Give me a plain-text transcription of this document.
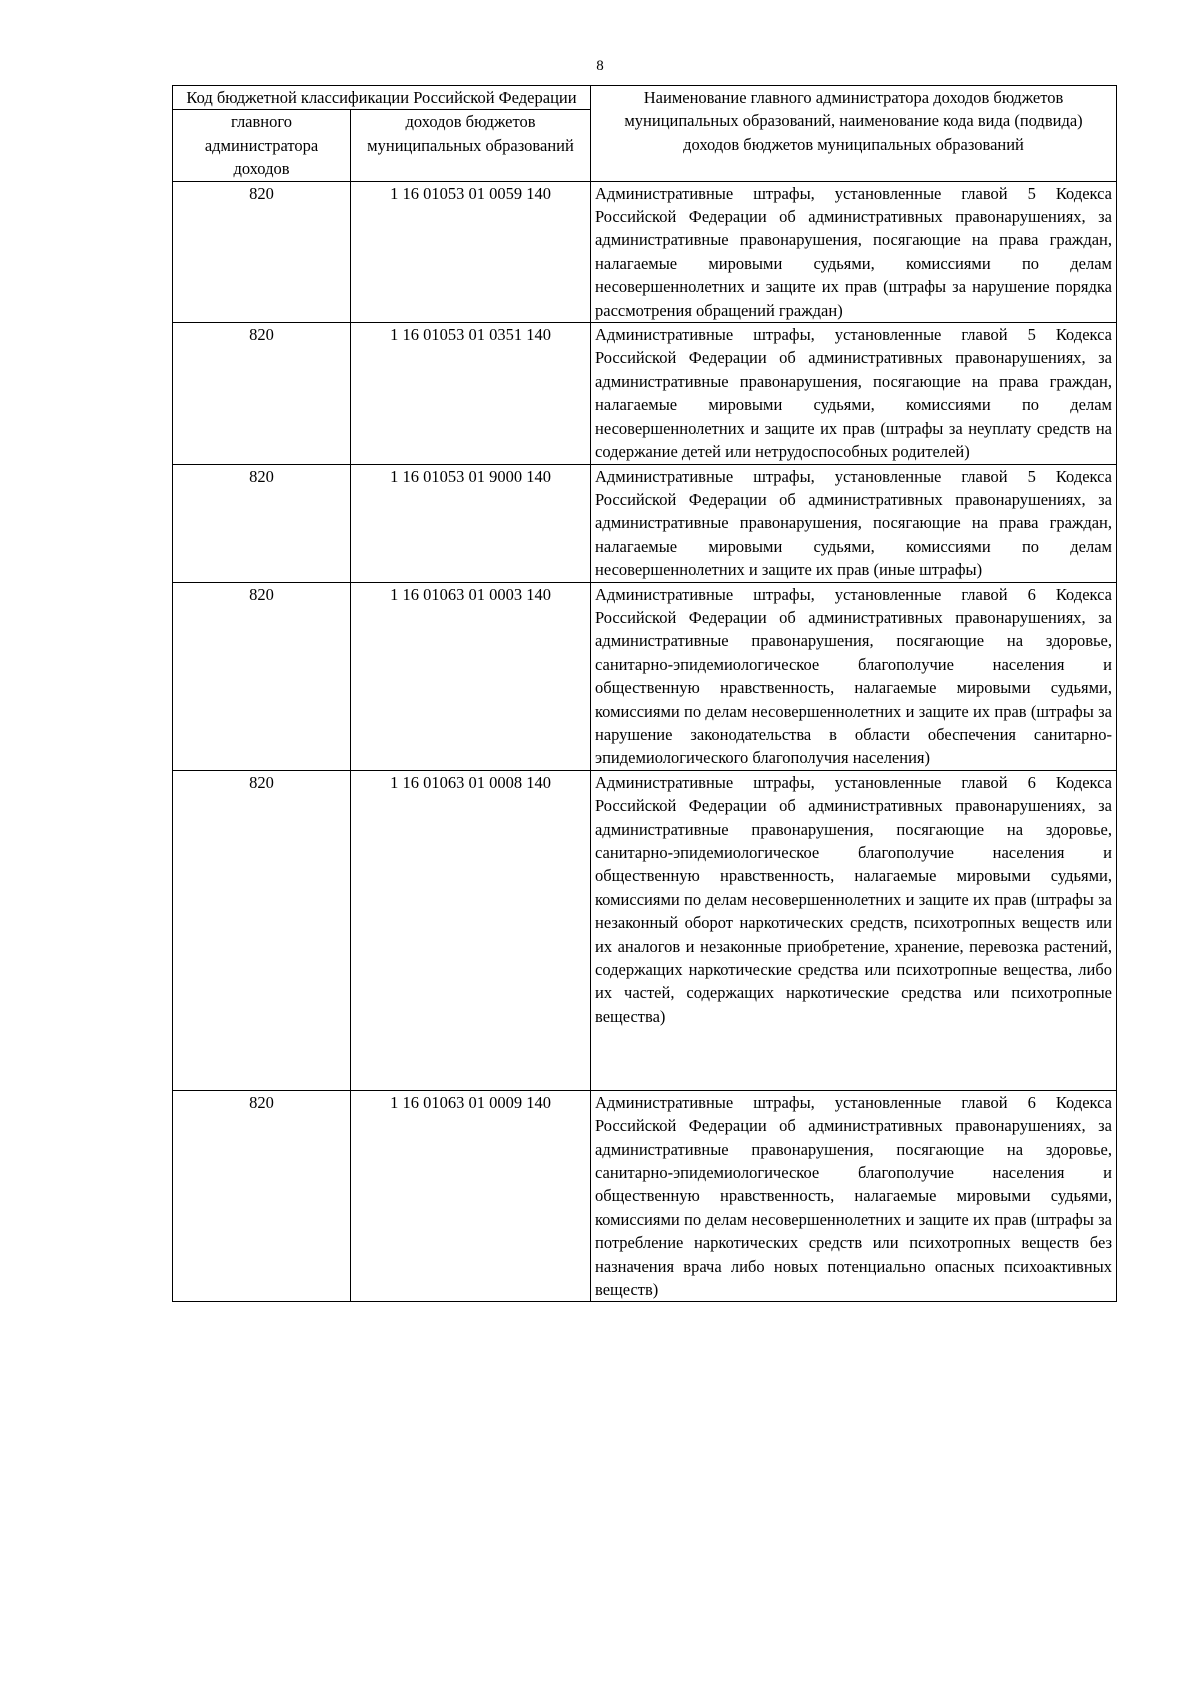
8
Код бюджетной классификации Российской Федерации		Наименование главного администратора доходов бюджетов муниципальных образований, наименование кода вида (подвида) доходов бюджетов муниципальных образований
главного администратора доходов	доходов бюджетов муниципальных образований	
820	1 16 01053 01 0059 140	Административные штрафы, установленные главой 5 Кодекса Российской Федерации об административных правонарушениях, за административные правонарушения, посягающие на права граждан, налагаемые мировыми судьями, комиссиями по делам несовершеннолетних и защите их прав (штрафы за нарушение порядка рассмотрения обращений граждан)
820	1 16 01053 01 0351 140	Административные штрафы, установленные главой 5 Кодекса Российской Федерации об административных правонарушениях, за административные правонарушения, посягающие на права граждан, налагаемые мировыми судьями, комиссиями по делам несовершеннолетних и защите их прав (штрафы за неуплату средств на содержание детей или нетрудоспособных родителей)
820	1 16 01053 01 9000 140	Административные штрафы, установленные главой 5 Кодекса Российской Федерации об административных правонарушениях, за административные правонарушения, посягающие на права граждан, налагаемые мировыми судьями, комиссиями по делам несовершеннолетних и защите их прав (иные штрафы)
820	1 16 01063 01 0003 140	Административные штрафы, установленные главой 6 Кодекса Российской Федерации об административных правонарушениях, за административные правонарушения, посягающие на здоровье, санитарно-эпидемиологическое благополучие населения и общественную нравственность, налагаемые мировыми судьями, комиссиями по делам несовершеннолетних и защите их прав (штрафы за нарушение законодательства в области обеспечения санитарно-эпидемиологического благополучия населения)
820	1 16 01063 01 0008 140	Административные штрафы, установленные главой 6 Кодекса Российской Федерации об административных правонарушениях, за административные правонарушения, посягающие на здоровье, санитарно-эпидемиологическое благополучие населения и общественную нравственность, налагаемые мировыми судьями, комиссиями по делам несовершеннолетних и защите их прав (штрафы за незаконный оборот наркотических средств, психотропных веществ или их аналогов и незаконные приобретение, хранение, перевозка растений, содержащих наркотические средства или психотропные вещества, либо их частей, содержащих наркотические средства или психотропные вещества)
820	1 16 01063 01 0009 140	Административные штрафы, установленные главой 6 Кодекса Российской Федерации об административных правонарушениях, за административные правонарушения, посягающие на здоровье, санитарно-эпидемиологическое благополучие населения и общественную нравственность, налагаемые мировыми судьями, комиссиями по делам несовершеннолетних и защите их прав (штрафы за потребление наркотических средств или психотропных веществ без назначения врача либо новых потенциально опасных психоактивных веществ)
